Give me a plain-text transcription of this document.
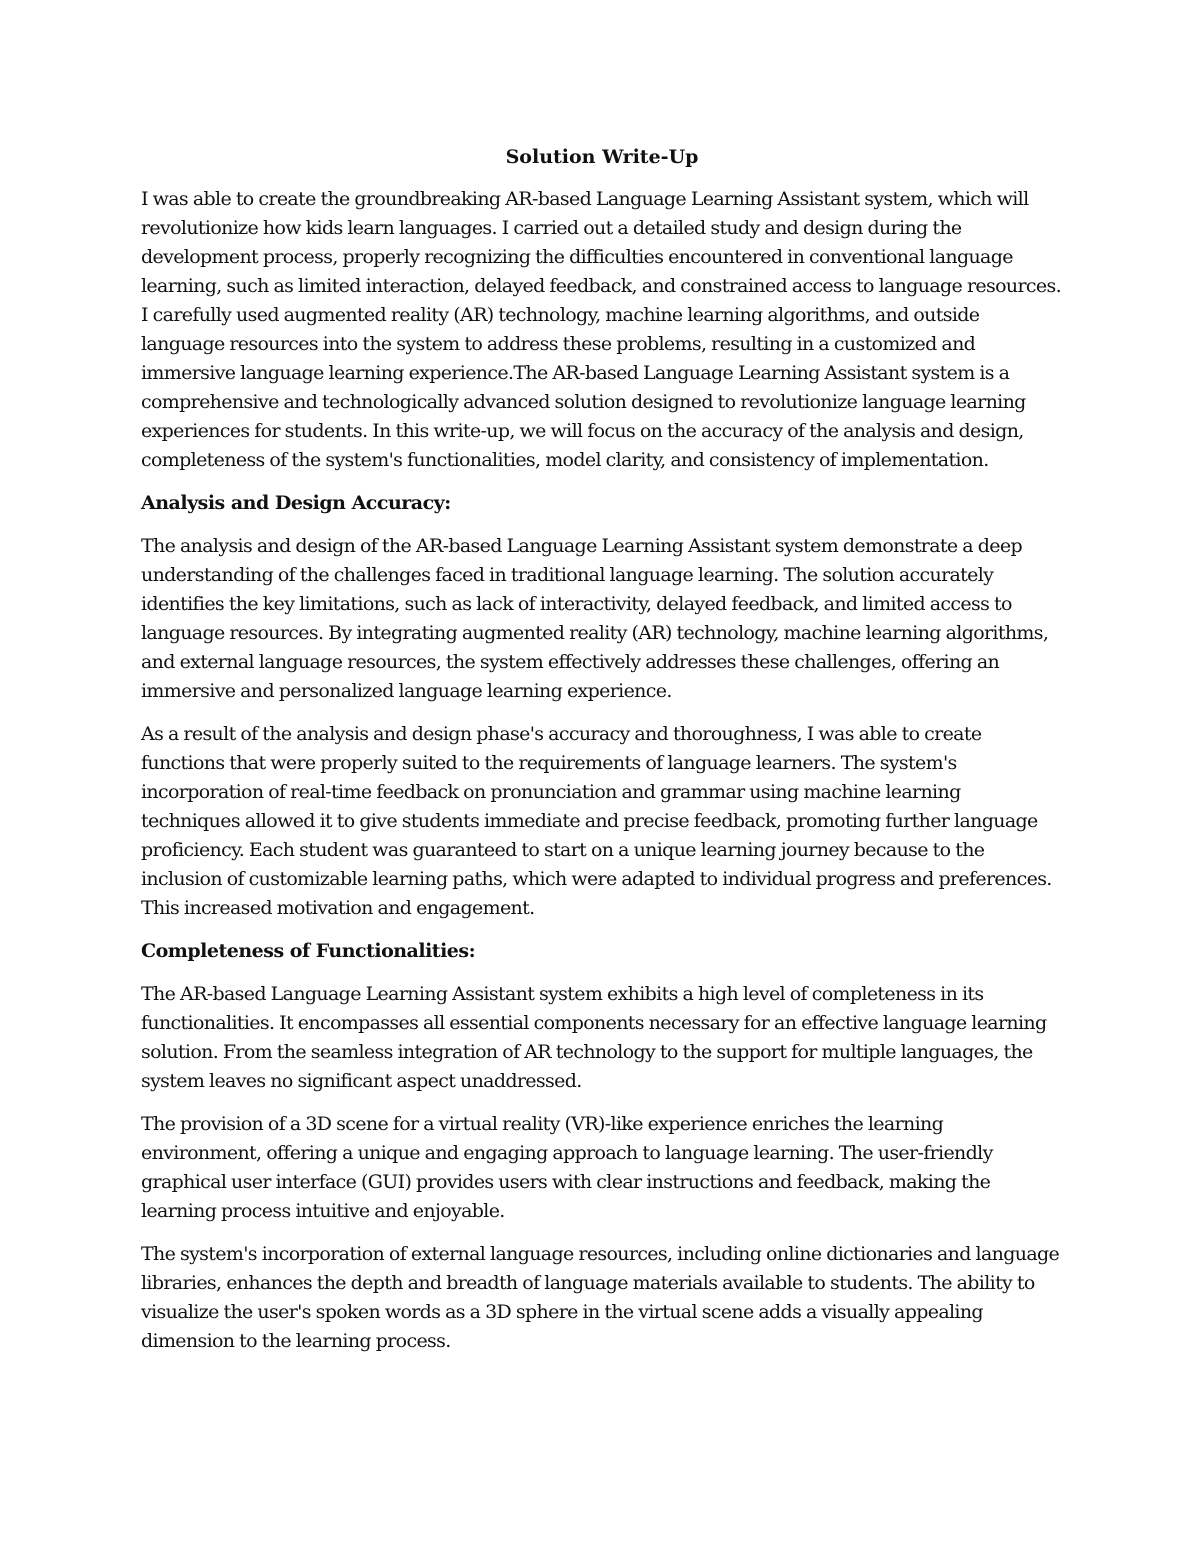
Solution Write-Up

I was able to create the groundbreaking AR-based Language Learning Assistant system, which will revolutionize how kids learn languages. I carried out a detailed study and design during the development process, properly recognizing the difficulties encountered in conventional language learning, such as limited interaction, delayed feedback, and constrained access to language resources. I carefully used augmented reality (AR) technology, machine learning algorithms, and outside language resources into the system to address these problems, resulting in a customized and immersive language learning experience.The AR-based Language Learning Assistant system is a comprehensive and technologically advanced solution designed to revolutionize language learning experiences for students. In this write-up, we will focus on the accuracy of the analysis and design, completeness of the system's functionalities, model clarity, and consistency of implementation.

Analysis and Design Accuracy:

The analysis and design of the AR-based Language Learning Assistant system demonstrate a deep understanding of the challenges faced in traditional language learning. The solution accurately identifies the key limitations, such as lack of interactivity, delayed feedback, and limited access to language resources. By integrating augmented reality (AR) technology, machine learning algorithms, and external language resources, the system effectively addresses these challenges, offering an immersive and personalized language learning experience.

As a result of the analysis and design phase's accuracy and thoroughness, I was able to create functions that were properly suited to the requirements of language learners. The system's incorporation of real-time feedback on pronunciation and grammar using machine learning techniques allowed it to give students immediate and precise feedback, promoting further language proficiency. Each student was guaranteed to start on a unique learning journey because to the inclusion of customizable learning paths, which were adapted to individual progress and preferences. This increased motivation and engagement.

Completeness of Functionalities:

The AR-based Language Learning Assistant system exhibits a high level of completeness in its functionalities. It encompasses all essential components necessary for an effective language learning solution. From the seamless integration of AR technology to the support for multiple languages, the system leaves no significant aspect unaddressed.

The provision of a 3D scene for a virtual reality (VR)-like experience enriches the learning environment, offering a unique and engaging approach to language learning. The user-friendly graphical user interface (GUI) provides users with clear instructions and feedback, making the learning process intuitive and enjoyable.

The system's incorporation of external language resources, including online dictionaries and language libraries, enhances the depth and breadth of language materials available to students. The ability to visualize the user's spoken words as a 3D sphere in the virtual scene adds a visually appealing dimension to the learning process.
